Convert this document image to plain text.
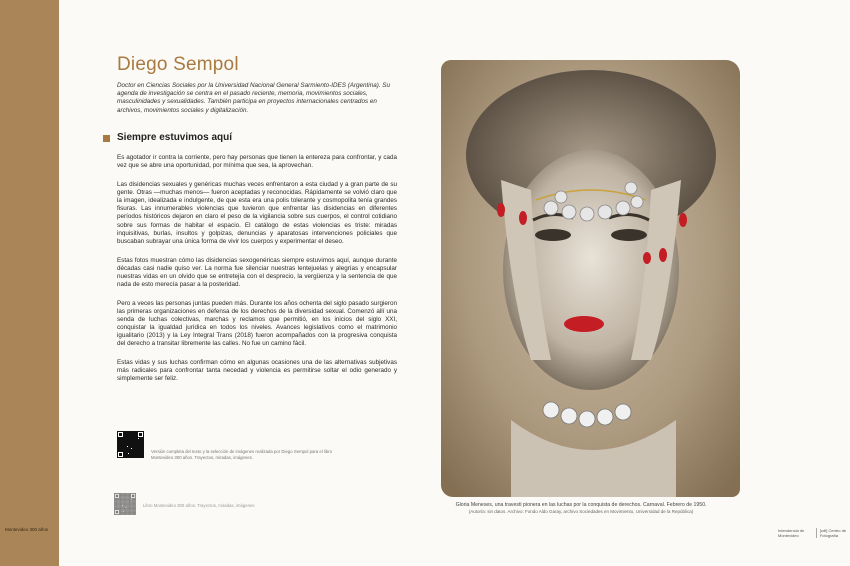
Montevideo 300 años
Diego Sempol
Doctor en Ciencias Sociales por la Universidad Nacional General Sarmiento-IDES (Argentina). Su agenda de investigación se centra en el pasado reciente, memoria, movimientos sociales, masculinidades y sexualidades. También participa en proyectos internacionales centrados en archivos, movimientos sociales y digitalización.
Siempre estuvimos aquí

Es agotador ir contra la corriente, pero hay personas que tienen la entereza para confrontar, y cada vez que se abre una oportunidad, por mínima que sea, la aprovechan.

Las disidencias sexuales y genéricas muchas veces enfrentaron a esta ciudad y a gran parte de su gente. Otras —muchas menos— fueron aceptadas y reconocidas. Rápidamente se volvió claro que la imagen, idealizada e indulgente, de que esta era una polis tolerante y cosmopolita tenía grandes fisuras. Las innumerables violencias que tuvieron que enfrentar las disidencias en diferentes períodos históricos dejaron en claro el peso de la vigilancia sobre sus cuerpos, el control cotidiano sobre sus formas de habitar el espacio. El catálogo de estas violencias es triste: miradas inquisitivas, burlas, insultos y golpizas, denuncias y aparatosas intervenciones policiales que buscaban subrayar una única forma de vivir los cuerpos y experimentar el deseo.

Estas fotos muestran cómo las disidencias sexogenéricas siempre estuvimos aquí, aunque durante décadas casi nadie quiso ver. La norma fue silenciar nuestras lentejuelas y alegrías y encapsular nuestras vidas en un olvido que se entretejía con el desprecio, la vergüenza y la sentencia de que nada de esto merecía pasar a la posteridad.

Pero a veces las personas juntas pueden más. Durante los años ochenta del siglo pasado surgieron las primeras organizaciones en defensa de los derechos de la diversidad sexual. Comenzó allí una senda de luchas colectivas, marchas y reclamos que permitió, en los inicios del siglo XXI, conquistar la igualdad jurídica en todos los niveles. Avances legislativos como el matrimonio igualitario (2013) y la Ley Integral Trans (2018) fueron acompañados con la progresiva conquista del derecho a transitar libremente las calles. No fue un camino fácil.

Estas vidas y sus luchas confirman cómo en algunas ocasiones una de las alternativas subjetivas más radicales para confrontar tanta necedad y violencia es permitirse soltar el odio generado y simplemente ser feliz.

Versión completa del texto y la selección de imágenes realizada por Diego Sempol para el libro Montevideo 300 años. Trayectos, miradas, imágenes.
Libro Montevideo 300 años. Trayectos, miradas, imágenes	Gloria Meneses, una travesti pionera en las luchas por la conquista de derechos. Carnaval. Febrero de 1950.
(Autor/a: sin datos. Archivo: Fondo Aldo Garay, archivo Sociedades en Movimiento, Universidad de la República)
Intendencia de Montevideo
[cdf] Centro de Fotografía
